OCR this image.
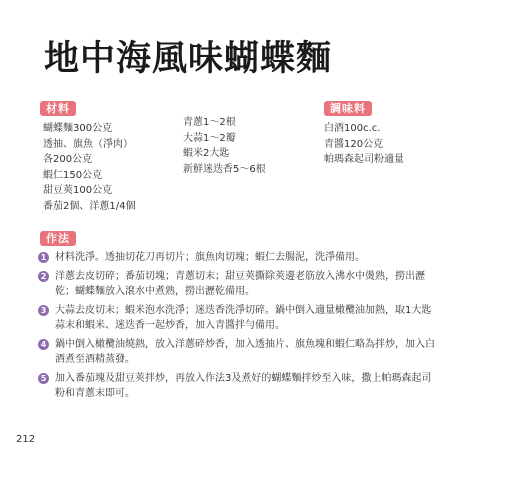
地中海風味蝴蝶麵
材料	調味料
蝴蝶麵300公克
透抽、旗魚（淨肉）
各200公克
蝦仁150公克
甜豆莢100公克
番茄2個、洋蔥1/4個
青蔥1～2根
大蒜1～2瓣
蝦米2大匙
新鮮迷迭香5～6根
白酒100c.c.
青醬120公克
帕瑪森起司粉適量
作法
1 材料洗淨。透抽切花刀再切片；旗魚肉切塊；蝦仁去腸泥，洗淨備用。
2 洋蔥去皮切碎；番茄切塊；青蔥切末；甜豆莢撕除莢邊老筋放入沸水中燙熟，撈出瀝乾；蝴蝶麵放入滾水中煮熟，撈出瀝乾備用。
3 大蒜去皮切末；蝦米泡水洗淨；迷迭香洗淨切碎。鍋中倒入適量橄欖油加熱，取1大匙蒜末和蝦米、迷迭香一起炒香，加入青醬拌勻備用。
4 鍋中倒入橄欖油燒熱，放入洋蔥碎炒香，加入透抽片、旗魚塊和蝦仁略為拌炒，加入白酒煮至酒精蒸發。
5 加入番茄塊及甜豆莢拌炒，再放入作法3及煮好的蝴蝶麵拌炒至入味，撒上帕瑪森起司粉和青蔥末即可。
212
